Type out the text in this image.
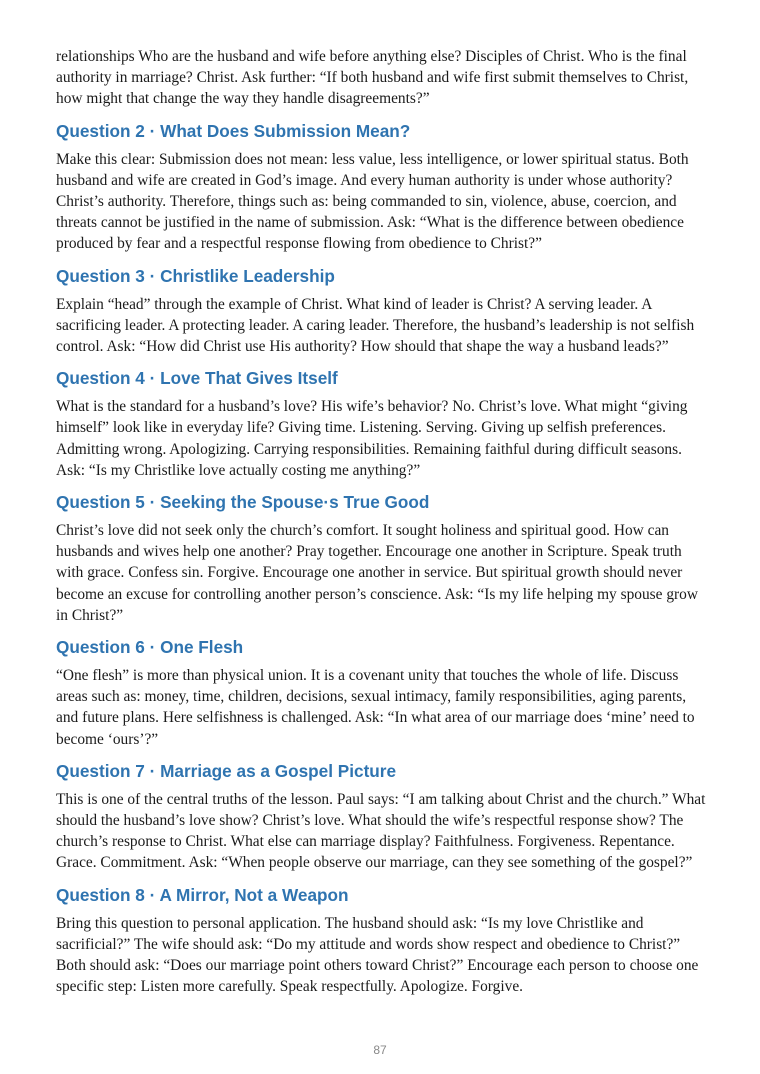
relationships Who are the husband and wife before anything else? Disciples of Christ. Who is the final authority in marriage? Christ. Ask further: “If both husband and wife first submit themselves to Christ, how might that change the way they handle disagreements?”

Question 2 · What Does Submission Mean?

Make this clear: Submission does not mean: less value, less intelligence, or lower spiritual status. Both husband and wife are created in God’s image. And every human authority is under whose authority? Christ’s authority. Therefore, things such as: being commanded to sin, violence, abuse, coercion, and threats cannot be justified in the name of submission. Ask: “What is the difference between obedience produced by fear and a respectful response flowing from obedience to Christ?”

Question 3 · Christlike Leadership

Explain “head” through the example of Christ. What kind of leader is Christ? A serving leader. A sacrificing leader. A protecting leader. A caring leader. Therefore, the husband’s leadership is not selfish control. Ask: “How did Christ use His authority? How should that shape the way a husband leads?”

Question 4 · Love That Gives Itself

What is the standard for a husband’s love? His wife’s behavior? No. Christ’s love. What might “giving himself” look like in everyday life? Giving time. Listening. Serving. Giving up selfish preferences. Admitting wrong. Apologizing. Carrying responsibilities. Remaining faithful during difficult seasons. Ask: “Is my Christlike love actually costing me anything?”

Question 5 · Seeking the Spouse·s True Good

Christ’s love did not seek only the church’s comfort. It sought holiness and spiritual good. How can husbands and wives help one another? Pray together. Encourage one another in Scripture. Speak truth with grace. Confess sin. Forgive. Encourage one another in service. But spiritual growth should never become an excuse for controlling another person’s conscience. Ask: “Is my life helping my spouse grow in Christ?”

Question 6 · One Flesh

“One flesh” is more than physical union. It is a covenant unity that touches the whole of life. Discuss areas such as: money, time, children, decisions, sexual intimacy, family responsibilities, aging parents, and future plans. Here selfishness is challenged. Ask: “In what area of our marriage does ‘mine’ need to become ‘ours’?”

Question 7 · Marriage as a Gospel Picture

This is one of the central truths of the lesson. Paul says: “I am talking about Christ and the church.” What should the husband’s love show? Christ’s love. What should the wife’s respectful response show? The church’s response to Christ. What else can marriage display? Faithfulness. Forgiveness. Repentance. Grace. Commitment. Ask: “When people observe our marriage, can they see something of the gospel?”

Question 8 · A Mirror, Not a Weapon

Bring this question to personal application. The husband should ask: “Is my love Christlike and sacrificial?” The wife should ask: “Do my attitude and words show respect and obedience to Christ?” Both should ask: “Does our marriage point others toward Christ?” Encourage each person to choose one specific step: Listen more carefully. Speak respectfully. Apologize. Forgive.

87
